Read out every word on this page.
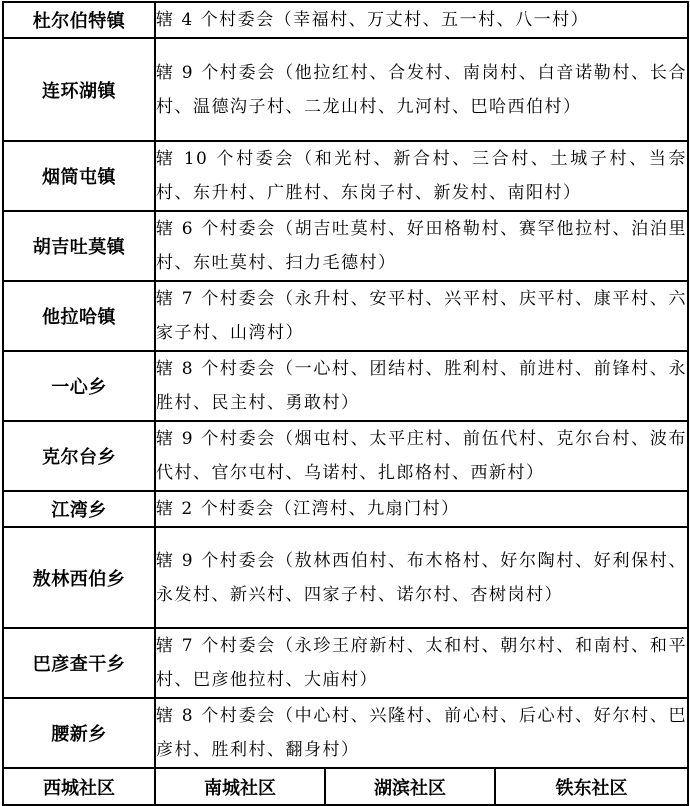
杜尔伯特镇	辖 4 个村委会（幸福村、万丈村、五一村、八一村）		
连环湖镇	辖 9 个村委会（他拉红村、合发村、南岗村、白音诺勒村、长合村、温德沟子村、二龙山村、九河村、巴哈西伯村）		
烟筒屯镇	辖 10 个村委会（和光村、新合村、三合村、土城子村、当奈村、东升村、广胜村、东岗子村、新发村、南阳村）		
胡吉吐莫镇	辖 6 个村委会（胡吉吐莫村、好田格勒村、赛罕他拉村、泊泊里村、东吐莫村、扫力毛德村）		
他拉哈镇	辖 7 个村委会（永升村、安平村、兴平村、庆平村、康平村、六家子村、山湾村）		
一心乡	辖 8 个村委会（一心村、团结村、胜利村、前进村、前锋村、永胜村、民主村、勇敢村）		
克尔台乡	辖 9 个村委会（烟屯村、太平庄村、前伍代村、克尔台村、波布代村、官尔屯村、乌诺村、扎郎格村、西新村）		
江湾乡	辖 2 个村委会（江湾村、九扇门村）		
敖林西伯乡	辖 9 个村委会（敖林西伯村、布木格村、好尔陶村、好利保村、永发村、新兴村、四家子村、诺尔村、杏树岗村）		
巴彦查干乡	辖 7 个村委会（永珍王府新村、太和村、朝尔村、和南村、和平村、巴彦他拉村、大庙村）		
腰新乡	辖 8 个村委会（中心村、兴隆村、前心村、后心村、好尔村、巴彦村、胜利村、翻身村）		
西城社区	南城社区	湖滨社区	铁东社区
